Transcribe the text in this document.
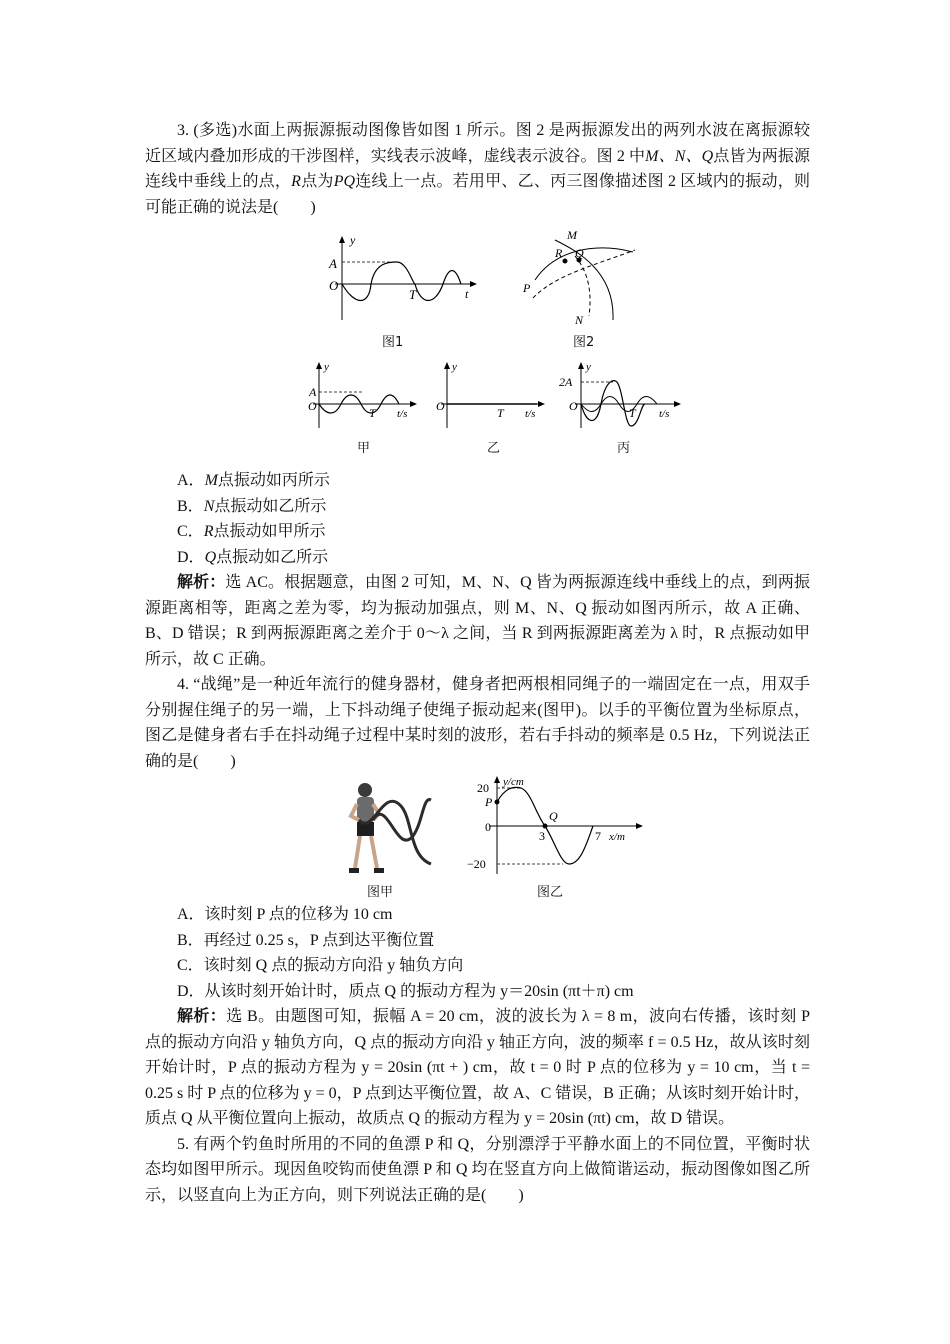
3. (多选)水面上两振源振动图像皆如图 1 所示。图 2 是两振源发出的两列水波在离振源较近区域内叠加形成的干涉图样，实线表示波峰，虚线表示波谷。图 2 中M、N、Q点皆为两振源连线中垂线上的点，R点为PQ连线上一点。若用甲、乙、丙三图像描述图 2 区域内的振动，则可能正确的说法是(　　)

y
A
O
T	t
图1
M
R Q
P
N
图2
y
A
O	T t/s
甲
y
O	T t/s
乙
y
2A
O	T t/s
丙

A．M点振动如丙所示

B．N点振动如乙所示

C．R点振动如甲所示

D．Q点振动如乙所示

解析：选 AC。根据题意，由图 2 可知，M、N、Q 皆为两振源连线中垂线上的点，到两振源距离相等，距离之差为零，均为振动加强点，则 M、N、Q 振动如图丙所示，故 A 正确、B、D 错误；R 到两振源距离之差介于 0～λ 之间，当 R 到两振源距离差为 λ 时，R 点振动如甲所示，故 C 正确。

4. “战绳”是一种近年流行的健身器材，健身者把两根相同绳子的一端固定在一点，用双手分别握住绳子的另一端，上下抖动绳子使绳子振动起来(图甲)。以手的平衡位置为坐标原点，图乙是健身者右手在抖动绳子过程中某时刻的波形，若右手抖动的频率是 0.5 Hz，下列说法正确的是(　　)

图甲
y/cm
20
P
0
−20
Q
3	7 x/m
图乙

A．该时刻 P 点的位移为 10 cm

B．再经过 0.25 s，P 点到达平衡位置

C．该时刻 Q 点的振动方向沿 y 轴负方向

D．从该时刻开始计时，质点 Q 的振动方程为 y＝20sin (πt＋π) cm

解析：选 B。由题图可知，振幅 A = 20 cm，波的波长为 λ = 8 m，波向右传播，该时刻 P 点的振动方向沿 y 轴负方向，Q 点的振动方向沿 y 轴正方向，波的频率 f = 0.5 Hz，故从该时刻开始计时，P 点的振动方程为 y = 20sin (πt + ) cm，故 t = 0 时 P 点的位移为 y = 10 cm，当 t = 0.25 s 时 P 点的位移为 y = 0，P 点到达平衡位置，故 A、C 错误，B 正确；从该时刻开始计时，质点 Q 从平衡位置向上振动，故质点 Q 的振动方程为 y = 20sin (πt) cm，故 D 错误。

5. 有两个钓鱼时所用的不同的鱼漂 P 和 Q，分别漂浮于平静水面上的不同位置，平衡时状态均如图甲所示。现因鱼咬钩而使鱼漂 P 和 Q 均在竖直方向上做简谐运动，振动图像如图乙所示，以竖直向上为正方向，则下列说法正确的是(　　)
